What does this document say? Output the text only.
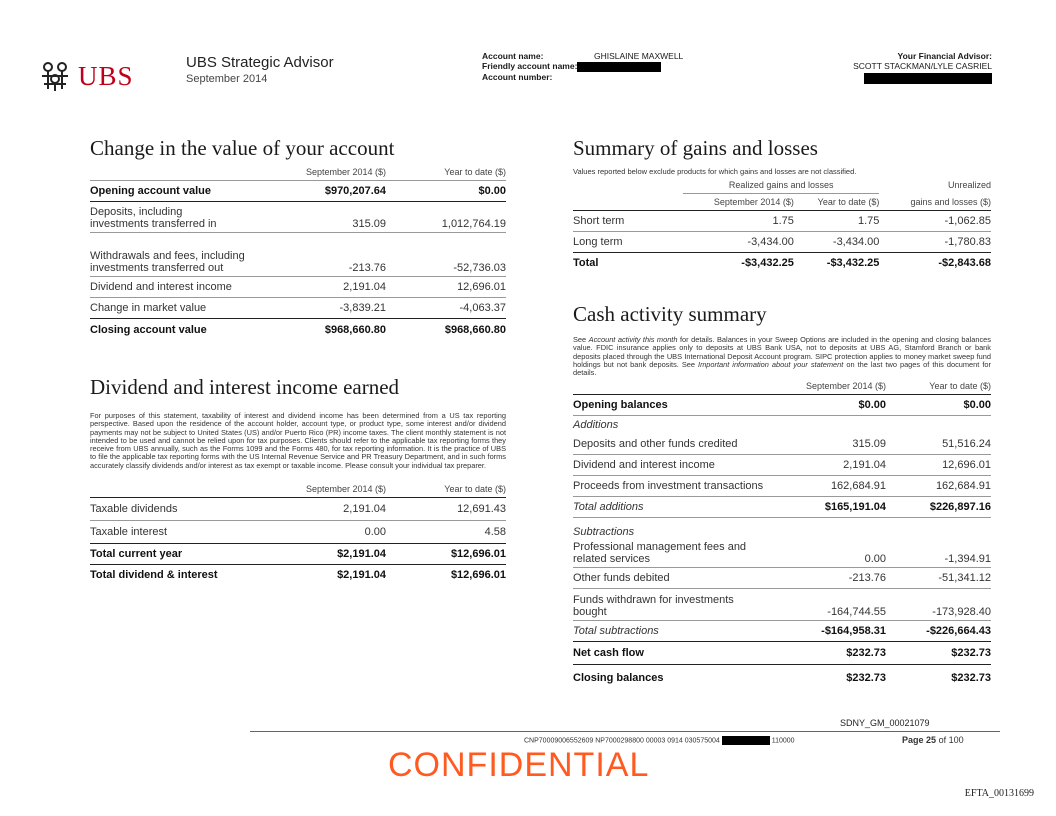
UBS	UBS Strategic Advisor
September 2014
Account name:	GHISLAINE MAXWELL
Friendly account name:
Account number:
Your Financial Advisor:
SCOTT STACKMAN/LYLE CASRIEL
Change in the value of your account
	September 2014 ($)	Year to date ($)
Opening account value	$970,207.64	$0.00
Deposits, including investments transferred in	315.09	1,012,764.19
Withdrawals and fees, including investments transferred out	-213.76	-52,736.03
Dividend and interest income	2,191.04	12,696.01
Change in market value	-3,839.21	-4,063.37
Closing account value	$968,660.80	$968,660.80
Dividend and interest income earned
For purposes of this statement, taxability of interest and dividend income has been determined from a US tax reporting perspective. Based upon the residence of the account holder, account type, or product type, some interest and/or dividend payments may not be subject to United States (US) and/or Puerto Rico (PR) income taxes. The client monthly statement is not intended to be used and cannot be relied upon for tax purposes. Clients should refer to the applicable tax reporting forms they receive from UBS annually, such as the Forms 1099 and the Forms 480, for tax reporting information. It is the practice of UBS to file the applicable tax reporting forms with the US Internal Revenue Service and PR Treasury Department, and in such forms accurately classify dividends and/or interest as tax exempt or taxable income. Please consult your individual tax preparer.
	September 2014 ($)	Year to date ($)
Taxable dividends	2,191.04	12,691.43
Taxable interest	0.00	4.58
Total current year	$2,191.04	$12,696.01
Total dividend & interest	$2,191.04	$12,696.01
Summary of gains and losses
Values reported below exclude products for which gains and losses are not classified.
	Realized gains and losses		Unrealized
	September 2014 ($)	Year to date ($)	gains and losses ($)
Short term	1.75	1.75	-1,062.85
Long term	-3,434.00	-3,434.00	-1,780.83
Total	-$3,432.25	-$3,432.25	-$2,843.68
Cash activity summary
See Account activity this month for details. Balances in your Sweep Options are included in the opening and closing balances value. FDIC insurance applies only to deposits at UBS Bank USA, not to deposits at UBS AG, Stamford Branch or bank deposits placed through the UBS International Deposit Account program. SIPC protection applies to money market sweep fund holdings but not bank deposits. See Important information about your statement on the last two pages of this document for details.
	September 2014 ($)	Year to date ($)
Opening balances	$0.00	$0.00
Additions		
Deposits and other funds credited	315.09	51,516.24
Dividend and interest income	2,191.04	12,696.01
Proceeds from investment transactions	162,684.91	162,684.91
Total additions	$165,191.04	$226,897.16
Subtractions		
Professional management fees and related services	0.00	-1,394.91
Other funds debited	-213.76	-51,341.12
Funds withdrawn for investments bought	-164,744.55	-173,928.40
Total subtractions	-$164,958.31	-$226,664.43
Net cash flow	$232.73	$232.73
Closing balances	$232.73	$232.73
SDNY_GM_00021079
CNP70009006552609 NP7000298800 00003 0914 030575004	110000	Page 25 of 100
CONFIDENTIAL
EFTA_00131699
